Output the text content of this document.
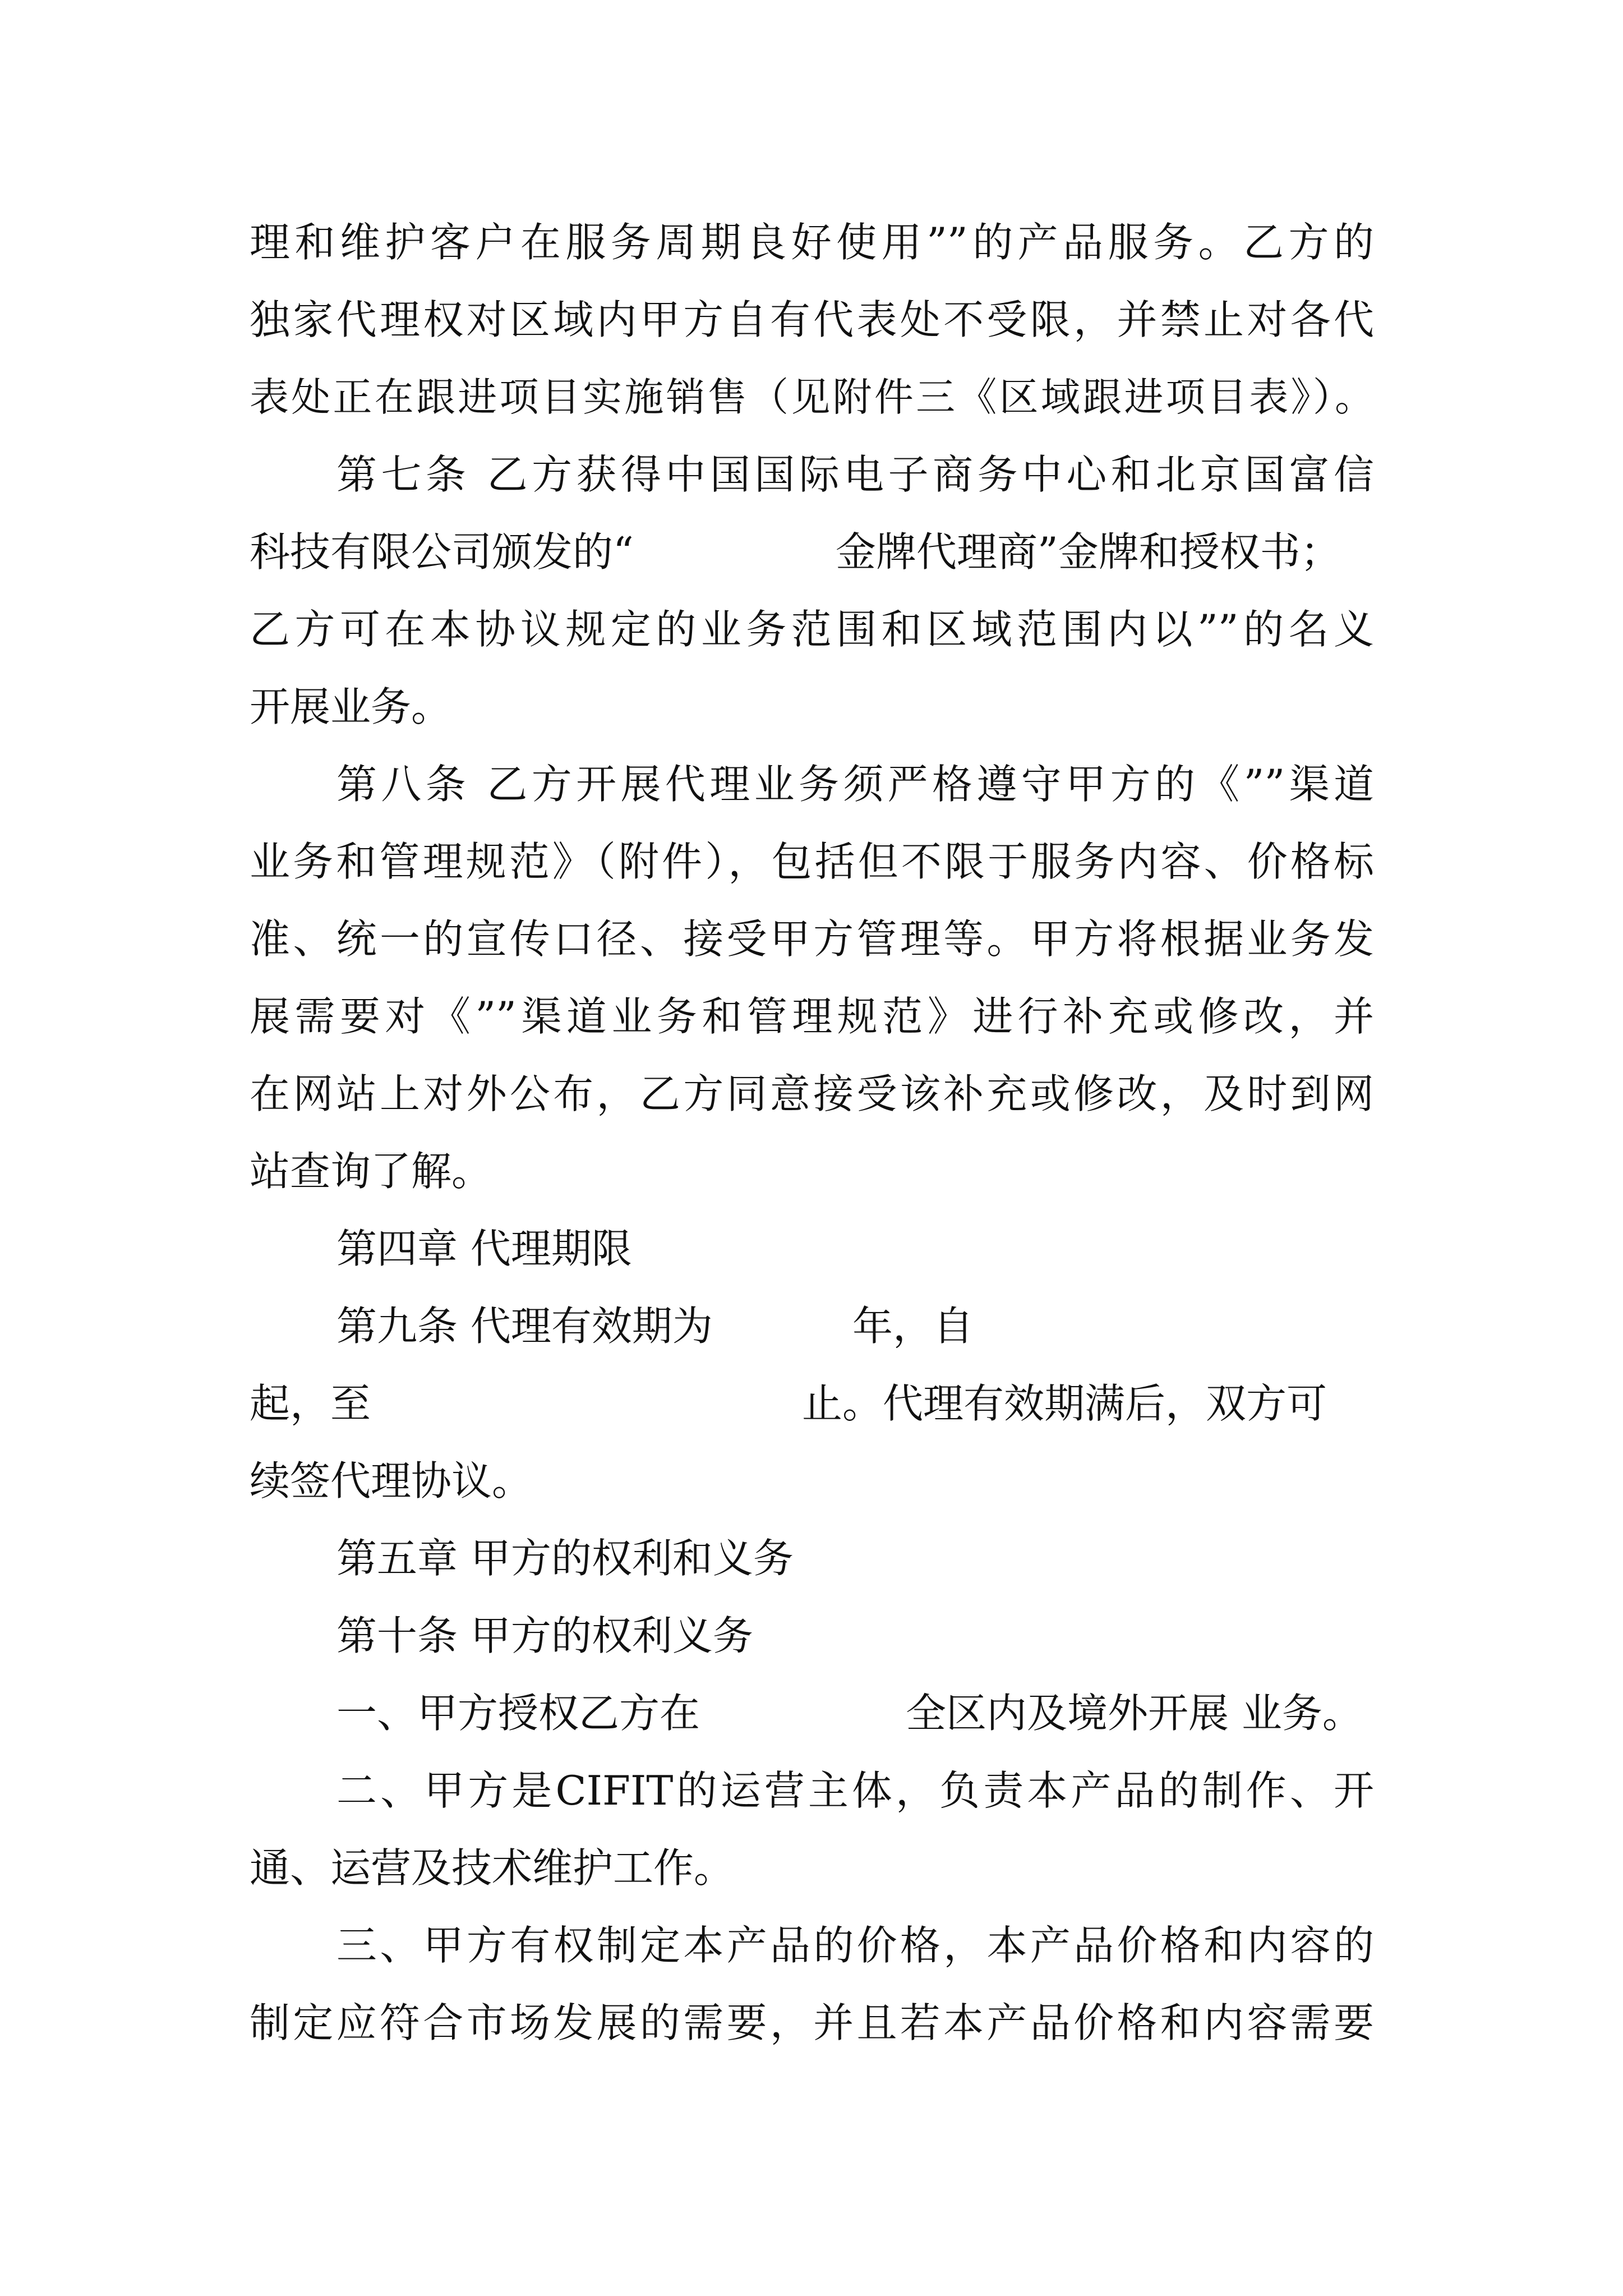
理和维护客户在服务周期良好使用””的产品服务。乙方的

独家代理权对区域内甲方自有代表处不受限，并禁止对各代

表处正在跟进项目实施销售（见附件三《区域跟进项目表》）。

第七条 乙方获得中国国际电子商务中心和北京国富信

科技有限公司颁发的“

	金牌代理商”金牌和授权书；

乙方可在本协议规定的业务范围和区域范围内以””的名义

开展业务。

第八条 乙方开展代理业务须严格遵守甲方的《””渠道

业务和管理规范》（附件），包括但不限于服务内容、价格标

准、统一的宣传口径、接受甲方管理等。甲方将根据业务发

展需要对《””渠道业务和管理规范》进行补充或修改，并

在网站上对外公布，乙方同意接受该补充或修改，及时到网

站查询了解。

第四章 代理期限

第九条 代理有效期为

	年，自

起，至

	止。代理有效期满后，双方可

续签代理协议。

第五章 甲方的权利和义务

第十条 甲方的权利义务

一、甲方授权乙方在

	全区内及境外开展 业务。

二、甲方是CIFIT的运营主体，负责本产品的制作、开

通、运营及技术维护工作。

三、甲方有权制定本产品的价格，本产品价格和内容的

制定应符合市场发展的需要，并且若本产品价格和内容需要
